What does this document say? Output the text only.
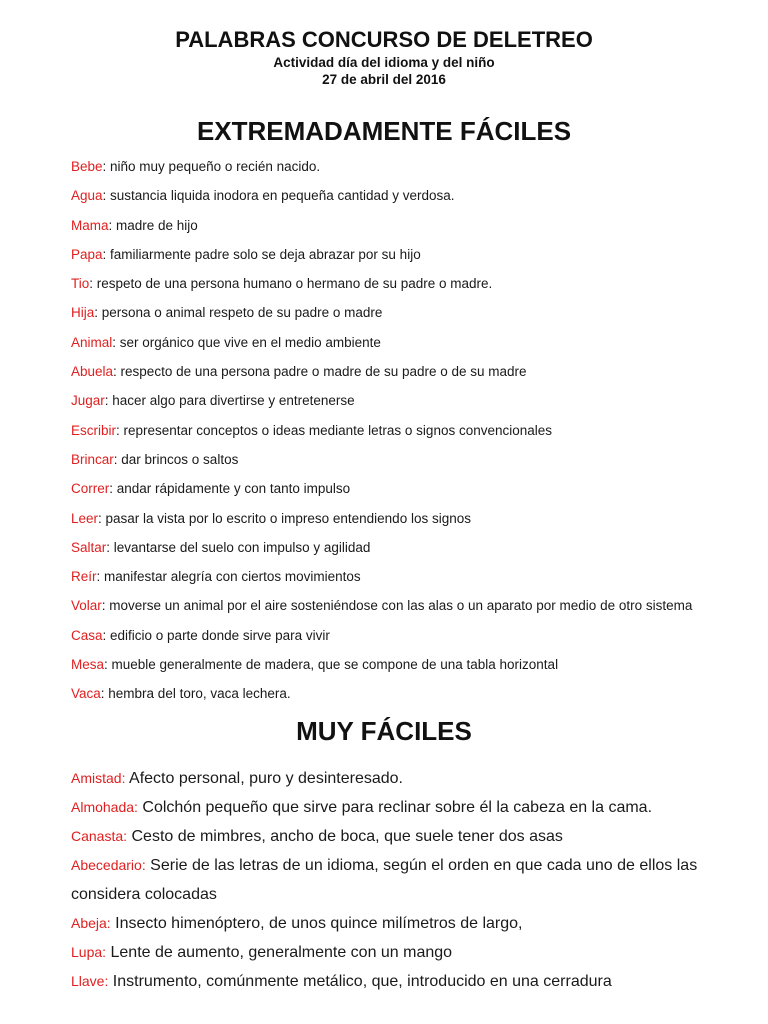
PALABRAS CONCURSO DE DELETREO
Actividad día del idioma y del niño
27 de abril del 2016
EXTREMADAMENTE FÁCILES
Bebe: niño muy pequeño o recién nacido.
Agua: sustancia liquida inodora en pequeña cantidad y verdosa.
Mama: madre de hijo
Papa: familiarmente padre solo se deja abrazar por su hijo
Tio: respeto de una persona humano o hermano de su padre o madre.
Hija: persona o animal respeto de su padre o madre
Animal: ser orgánico que vive en el medio ambiente
Abuela: respecto de una persona padre o madre de su padre o de su madre
Jugar: hacer algo para divertirse y entretenerse
Escribir: representar conceptos o ideas mediante letras o signos convencionales
Brincar: dar brincos o saltos
Correr: andar rápidamente y con tanto impulso
Leer: pasar la vista por lo escrito o impreso entendiendo los signos
Saltar: levantarse del suelo con impulso y agilidad
Reír: manifestar alegría con ciertos movimientos
Volar: moverse un animal por el aire sosteniéndose con las alas o un aparato por medio de otro sistema
Casa: edificio o parte donde sirve para vivir
Mesa: mueble generalmente de madera, que se compone de una tabla horizontal
Vaca: hembra del toro, vaca lechera.
MUY FÁCILES
Amistad: Afecto personal, puro y desinteresado.
Almohada: Colchón pequeño que sirve para reclinar sobre él la cabeza en la cama.
Canasta: Cesto de mimbres, ancho de boca, que suele tener dos asas
Abecedario: Serie de las letras de un idioma, según el orden en que cada uno de ellos las considera colocadas
Abeja: Insecto himenóptero, de unos quince milímetros de largo,
Lupa: Lente de aumento, generalmente con un mango
Llave: Instrumento, comúnmente metálico, que, introducido en una cerradura
